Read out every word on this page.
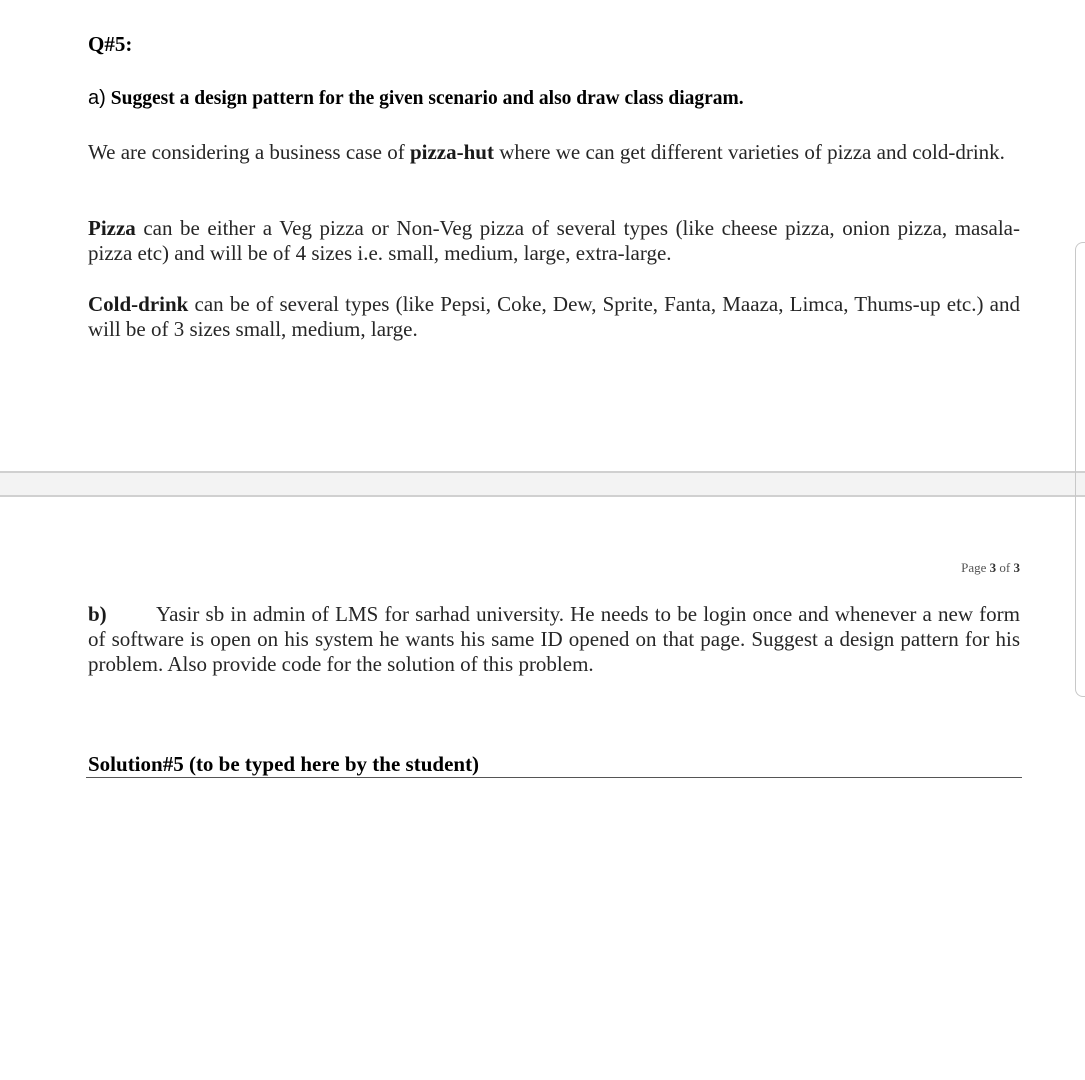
Q#5:
a) Suggest a design pattern for the given scenario and also draw class diagram.
We are considering a business case of pizza-hut where we can get different varieties of pizza and cold-drink.
Pizza can be either a Veg pizza or Non-Veg pizza of several types (like cheese pizza, onion pizza, masala-pizza etc) and will be of 4 sizes i.e. small, medium, large, extra-large.
Cold-drink can be of several types (like Pepsi, Coke, Dew, Sprite, Fanta, Maaza, Limca, Thums-up etc.) and will be of 3 sizes small, medium, large.
Page 3 of 3
b) Yasir sb in admin of LMS for sarhad university. He needs to be login once and whenever a new form of software is open on his system he wants his same ID opened on that page. Suggest a design pattern for his problem. Also provide code for the solution of this problem.
Solution#5 (to be typed here by the student)
